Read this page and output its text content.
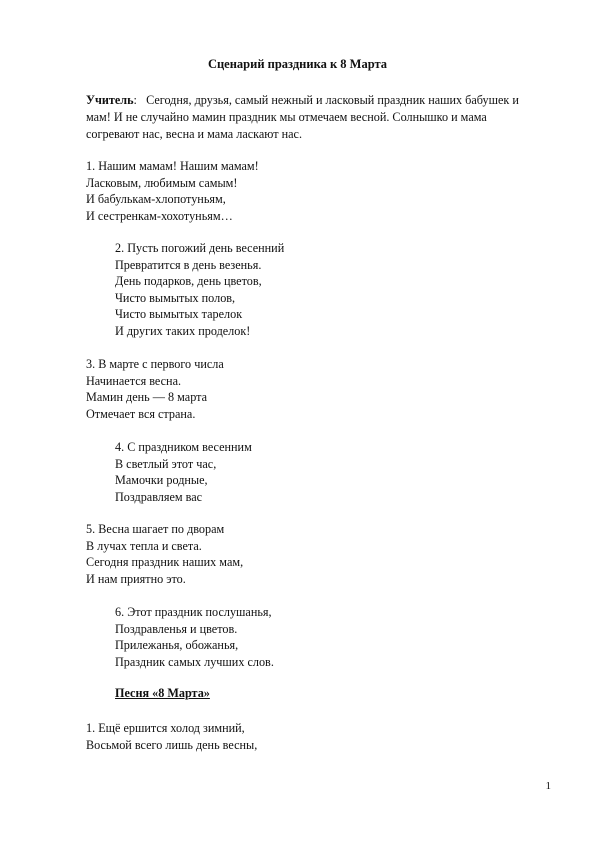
Сценарий праздника к 8 Марта
Учитель: Сегодня, друзья, самый нежный и ласковый праздник наших бабушек и мам! И не случайно мамин праздник мы отмечаем весной. Солнышко и мама согревают нас, весна и мама ласкают нас.
1. Нашим мамам! Нашим мамам!
Ласковым, любимым самым!
И бабулькам-хлопотуньям,
И сестренкам-хохотуньям…
2. Пусть погожий день весенний
Превратится в день везенья.
День подарков, день цветов,
Чисто вымытых полов,
Чисто вымытых тарелок
И других таких проделок!
3. В марте с первого числа
Начинается весна.
Мамин день — 8 марта
Отмечает вся страна.
4. С праздником весенним
В светлый этот час,
Мамочки родные,
Поздравляем вас
5. Весна шагает по дворам
В лучах тепла и света.
Сегодня праздник наших мам,
И нам приятно это.
6. Этот праздник послушанья,
Поздравленья и цветов.
Прилежанья, обожанья,
Праздник самых лучших слов.
Песня «8 Марта»
1. Ещё ершится холод зимний,
Восьмой всего лишь день весны,
1
